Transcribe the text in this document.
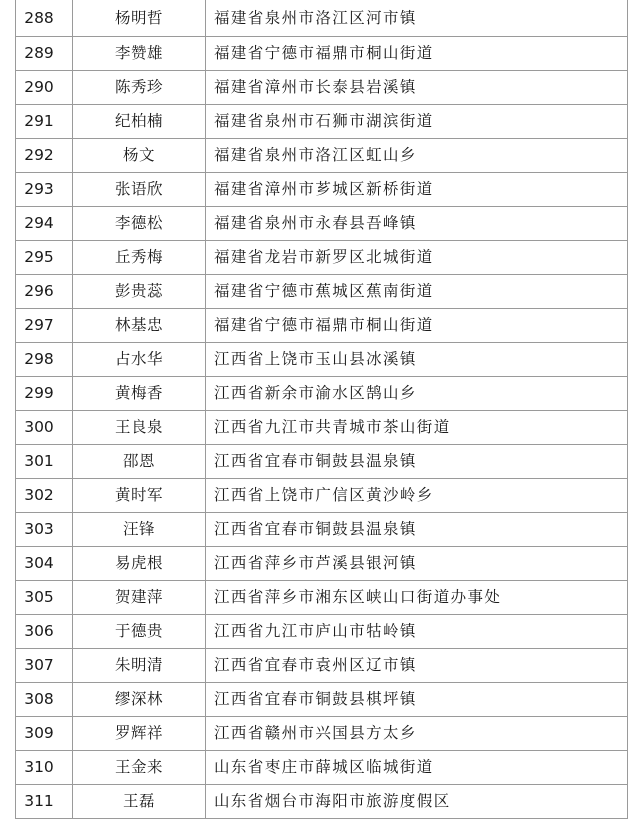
288	杨明哲	福建省泉州市洛江区河市镇
289	李赞雄	福建省宁德市福鼎市桐山街道
290	陈秀珍	福建省漳州市长泰县岩溪镇
291	纪柏楠	福建省泉州市石狮市湖滨街道
292	杨文	福建省泉州市洛江区虹山乡
293	张语欣	福建省漳州市芗城区新桥街道
294	李德松	福建省泉州市永春县吾峰镇
295	丘秀梅	福建省龙岩市新罗区北城街道
296	彭贵蕊	福建省宁德市蕉城区蕉南街道
297	林基忠	福建省宁德市福鼎市桐山街道
298	占水华	江西省上饶市玉山县冰溪镇
299	黄梅香	江西省新余市渝水区鹄山乡
300	王良泉	江西省九江市共青城市茶山街道
301	邵恩	江西省宜春市铜鼓县温泉镇
302	黄时军	江西省上饶市广信区黄沙岭乡
303	汪锋	江西省宜春市铜鼓县温泉镇
304	易虎根	江西省萍乡市芦溪县银河镇
305	贺建萍	江西省萍乡市湘东区峡山口街道办事处
306	于德贵	江西省九江市庐山市牯岭镇
307	朱明清	江西省宜春市袁州区辽市镇
308	缪深林	江西省宜春市铜鼓县棋坪镇
309	罗辉祥	江西省赣州市兴国县方太乡
310	王金来	山东省枣庄市薛城区临城街道
311	王磊	山东省烟台市海阳市旅游度假区
